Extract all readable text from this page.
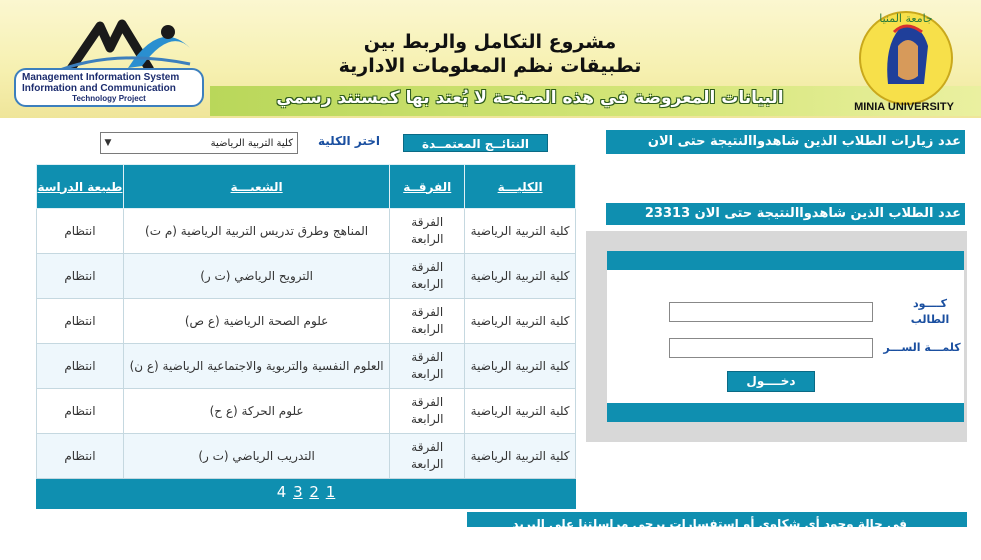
Management Information System
Information and Communication
Technology Project
مشروع التكامل والربط بين
تطبيقات نظم المعلومات الادارية
البيانات المعروضة في هذه الصفحة لا يُعتد بها كمستند رسمي
جامعة المنيا
MINIA UNIVERSITY
▼	كلية التربية الرياضية	اختر الكلية	النتائــج المعتمــدة
الكليـــة	الفرقــة	الشعبـــة	طبيعة الدراسة
كلية التربية الرياضية	الفرقة الرابعة	المناهج وطرق تدريس التربية الرياضية (م ت)	انتظام
كلية التربية الرياضية	الفرقة الرابعة	الترويح الرياضي (ت ر)	انتظام
كلية التربية الرياضية	الفرقة الرابعة	علوم الصحة الرياضية (ع ص)	انتظام
كلية التربية الرياضية	الفرقة الرابعة	العلوم النفسية والتربوية والاجتماعية الرياضية (ع ن)	انتظام
كلية التربية الرياضية	الفرقة الرابعة	علوم الحركة (ع ح)	انتظام
كلية التربية الرياضية	الفرقة الرابعة	التدريب الرياضي (ت ر)	انتظام
1 2 3 4
عدد زيارات الطلاب الذين شاهدواالنتيجة حتى الان 183995
عدد الطلاب الذين شاهدواالنتيجة حتى الان 23313
كــــود الطالب
كلمـــة الســـر
دخــــول
في حالة وجود أي شكاوى أو استفسارات يرجى مراسلتنا على البريد الالكتروني
